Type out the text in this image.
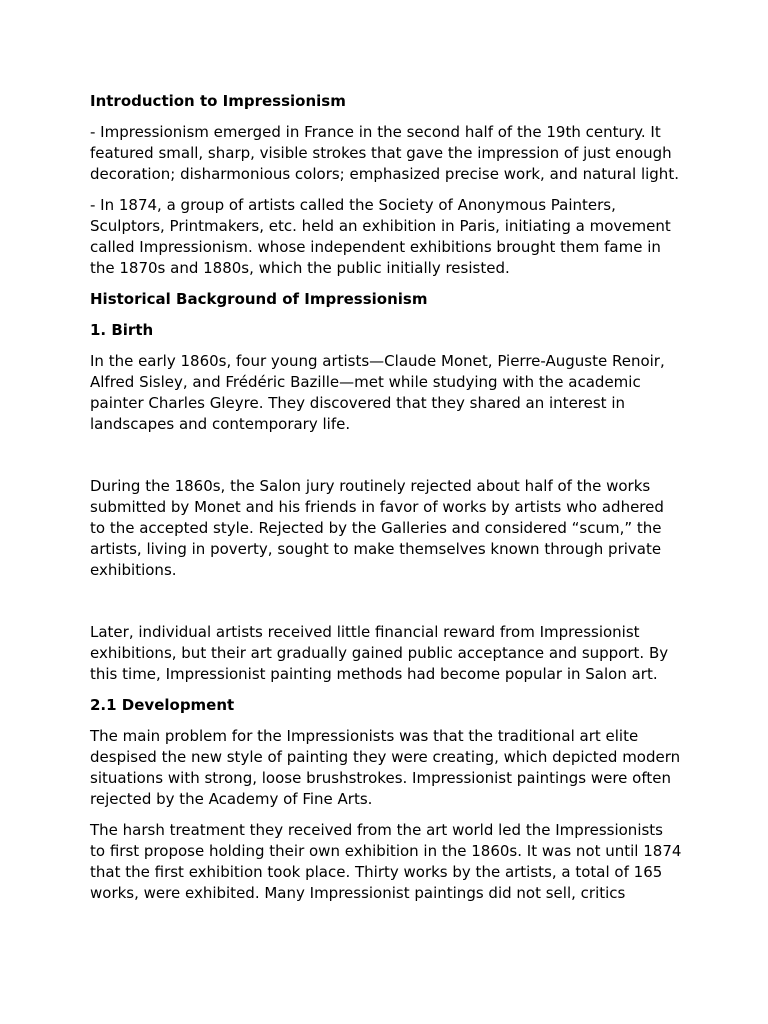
Introduction to Impressionism
- Impressionism emerged in France in the second half of the 19th century. It featured small, sharp, visible strokes that gave the impression of just enough decoration; disharmonious colors; emphasized precise work, and natural light.
- In 1874, a group of artists called the Society of Anonymous Painters, Sculptors, Printmakers, etc. held an exhibition in Paris, initiating a movement called Impressionism. whose independent exhibitions brought them fame in the 1870s and 1880s, which the public initially resisted.
Historical Background of Impressionism
1. Birth
In the early 1860s, four young artists—Claude Monet, Pierre-Auguste Renoir, Alfred Sisley, and Frédéric Bazille—met while studying with the academic painter Charles Gleyre. They discovered that they shared an interest in landscapes and contemporary life.
During the 1860s, the Salon jury routinely rejected about half of the works submitted by Monet and his friends in favor of works by artists who adhered to the accepted style. Rejected by the Galleries and considered “scum,” the artists, living in poverty, sought to make themselves known through private exhibitions.
Later, individual artists received little financial reward from Impressionist exhibitions, but their art gradually gained public acceptance and support. By this time, Impressionist painting methods had become popular in Salon art.
2.1 Development
The main problem for the Impressionists was that the traditional art elite despised the new style of painting they were creating, which depicted modern situations with strong, loose brushstrokes. Impressionist paintings were often rejected by the Academy of Fine Arts.
The harsh treatment they received from the art world led the Impressionists to first propose holding their own exhibition in the 1860s. It was not until 1874 that the first exhibition took place. Thirty works by the artists, a total of 165 works, were exhibited. Many Impressionist paintings did not sell, critics
